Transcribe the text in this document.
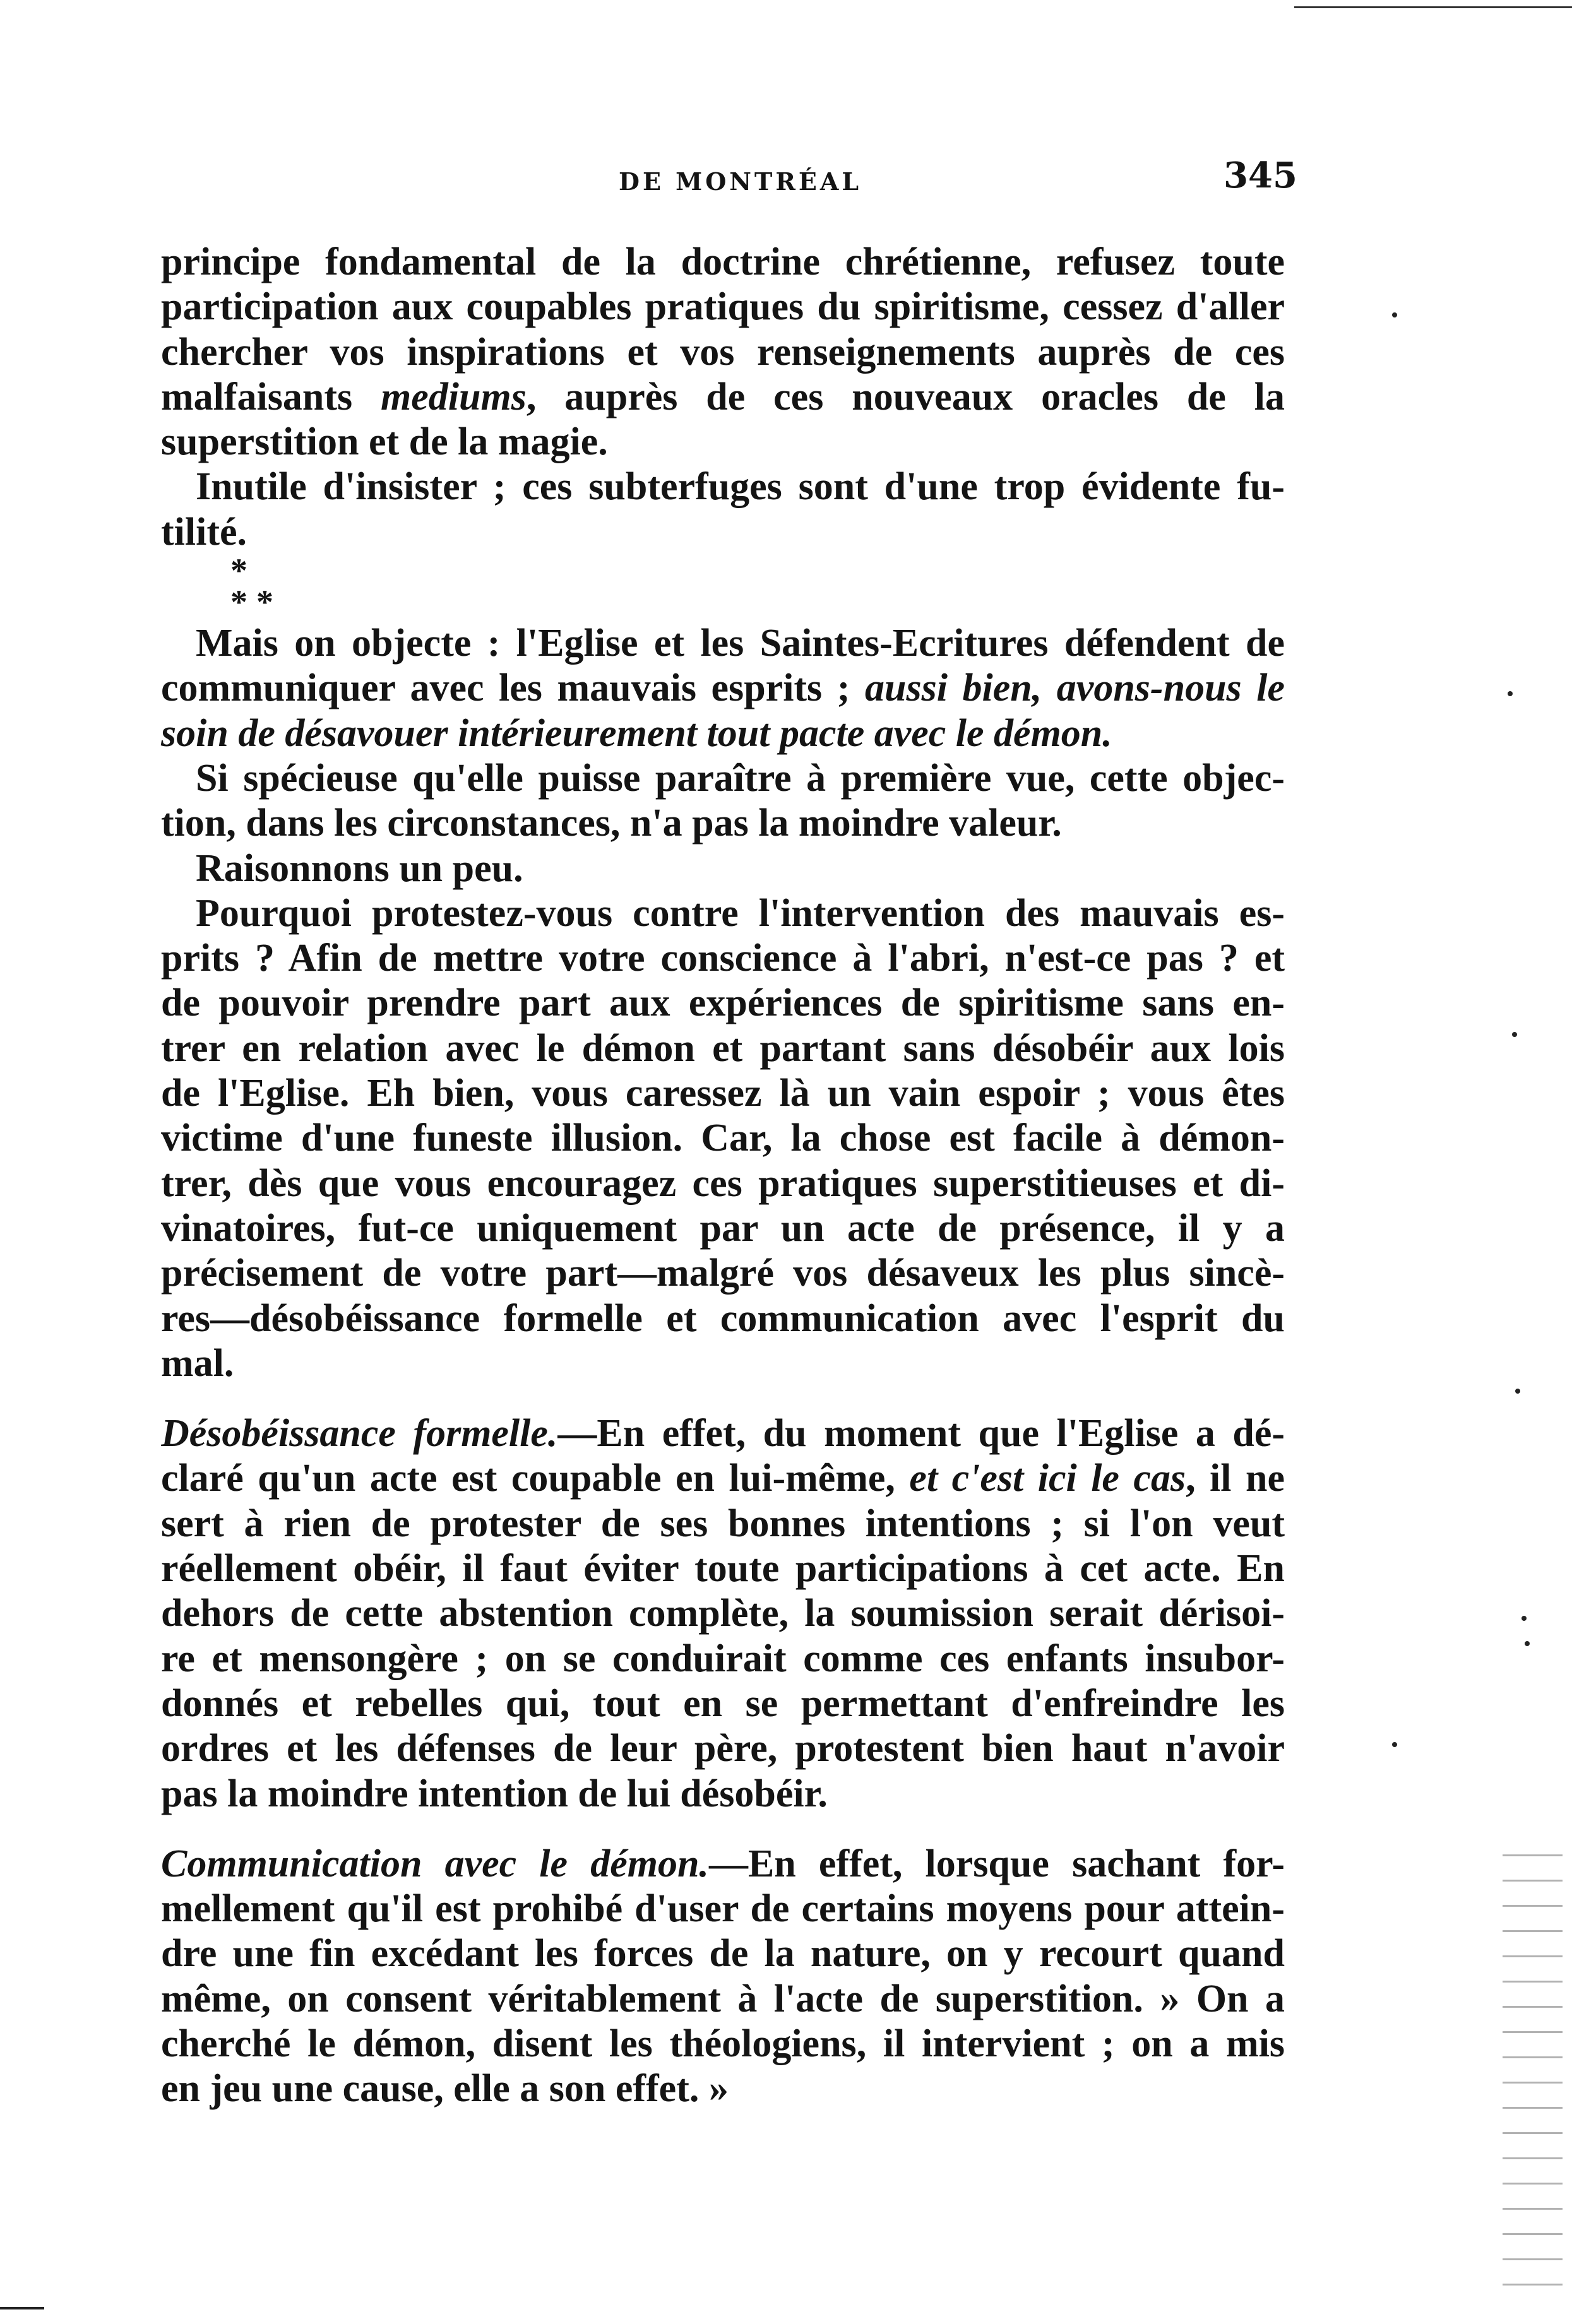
DE MONTRÉAL	345
principe fondamental de la doctrine chrétienne, refusez toute
participation aux coupables pratiques du spiritisme, cessez d'aller
chercher vos inspirations et vos renseignements auprès de ces
malfaisants mediums, auprès de ces nouveaux oracles de la
superstition et de la magie.
Inutile d'insister ; ces subterfuges sont d'une trop évidente fu-
tilité.
*
**
Mais on objecte : l'Eglise et les Saintes-Ecritures défendent de
communiquer avec les mauvais esprits ; aussi bien, avons-nous le
soin de désavouer intérieurement tout pacte avec le démon.
Si spécieuse qu'elle puisse paraître à première vue, cette objec-
tion, dans les circonstances, n'a pas la moindre valeur.
Raisonnons un peu.
Pourquoi protestez-vous contre l'intervention des mauvais es-
prits ? Afin de mettre votre conscience à l'abri, n'est-ce pas ? et
de pouvoir prendre part aux expériences de spiritisme sans en-
trer en relation avec le démon et partant sans désobéir aux lois
de l'Eglise. Eh bien, vous caressez là un vain espoir ; vous êtes
victime d'une funeste illusion. Car, la chose est facile à démon-
trer, dès que vous encouragez ces pratiques superstitieuses et di-
vinatoires, fut-ce uniquement par un acte de présence, il y a
précisement de votre part—malgré vos désaveux les plus sincè-
res—désobéissance formelle et communication avec l'esprit du
mal.
Désobéissance formelle.—En effet, du moment que l'Eglise a dé-
claré qu'un acte est coupable en lui-même, et c'est ici le cas, il ne
sert à rien de protester de ses bonnes intentions ; si l'on veut
réellement obéir, il faut éviter toute participations à cet acte. En
dehors de cette abstention complète, la soumission serait dérisoi-
re et mensongère ; on se conduirait comme ces enfants insubor-
donnés et rebelles qui, tout en se permettant d'enfreindre les
ordres et les défenses de leur père, protestent bien haut n'avoir
pas la moindre intention de lui désobéir.
Communication avec le démon.—En effet, lorsque sachant for-
mellement qu'il est prohibé d'user de certains moyens pour attein-
dre une fin excédant les forces de la nature, on y recourt quand
même, on consent véritablement à l'acte de superstition. » On a
cherché le démon, disent les théologiens, il intervient ; on a mis
en jeu une cause, elle a son effet. »
